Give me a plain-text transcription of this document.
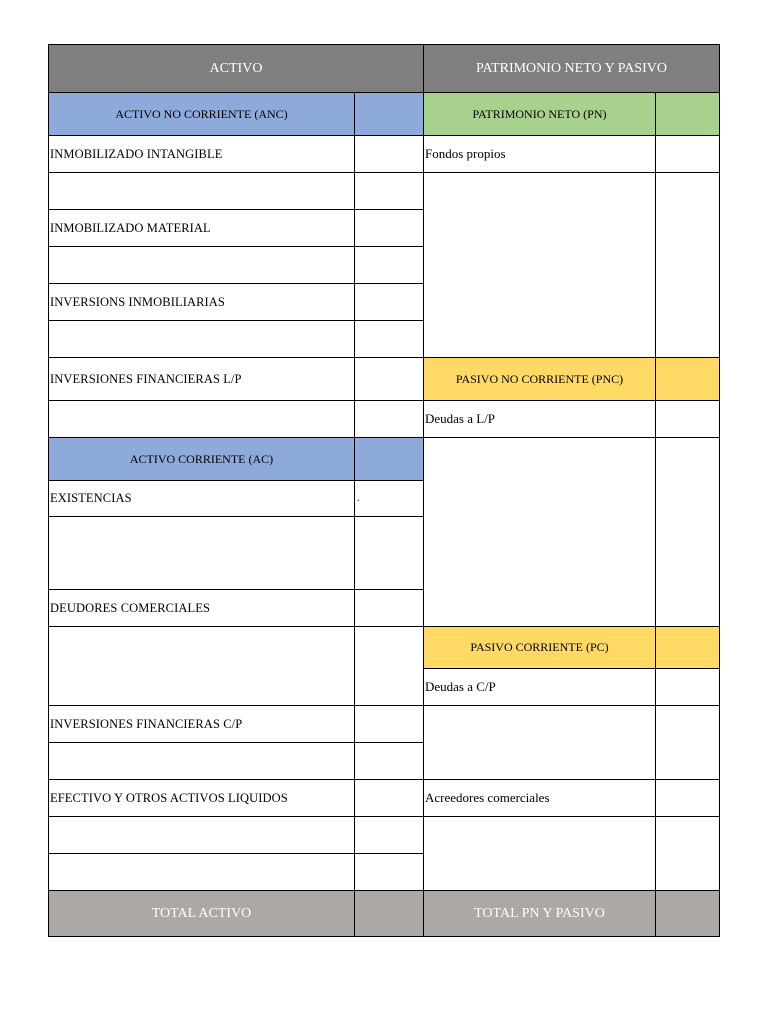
ACTIVO	PATRIMONIO NETO Y PASIVO
ACTIVO NO CORRIENTE (ANC)
INMOBILIZADO INTANGIBLE
INMOBILIZADO MATERIAL
INVERSIONS INMOBILIARIAS
INVERSIONES FINANCIERAS L/P
ACTIVO CORRIENTE (AC)
EXISTENCIAS	.
DEUDORES COMERCIALES
INVERSIONES FINANCIERAS C/P
EFECTIVO Y OTROS ACTIVOS LIQUIDOS
TOTAL ACTIVO
PATRIMONIO NETO (PN)
Fondos propios
PASIVO NO CORRIENTE (PNC)
Deudas a L/P
PASIVO CORRIENTE (PC)
Deudas a C/P
Acreedores comerciales
TOTAL PN Y PASIVO
